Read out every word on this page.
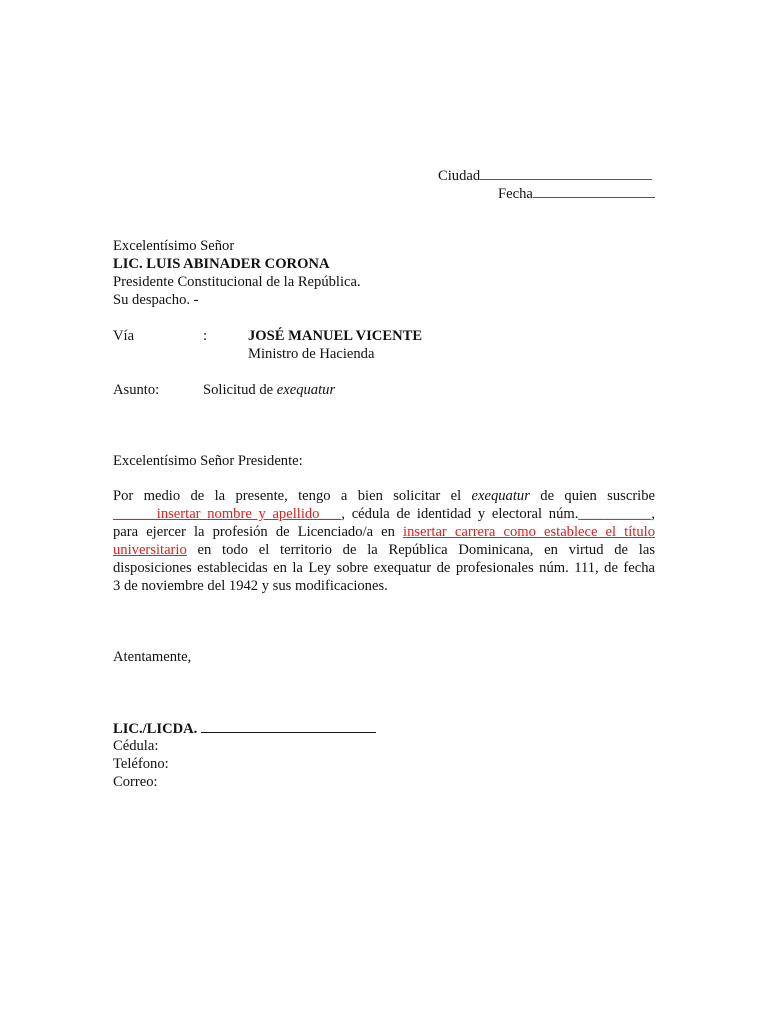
Ciudad
Fecha
Excelentísimo Señor
LIC. LUIS ABINADER CORONA
Presidente Constitucional de la República.
Su despacho. -
Vía	:	JOSÉ MANUEL VICENTE
Ministro de Hacienda
Asunto:	Solicitud de exequatur
Excelentísimo Señor Presidente:
Por medio de la presente, tengo a bien solicitar el exequatur de quien suscribe
______insertar nombre y apellido___, cédula de identidad y electoral núm.__________,
para ejercer la profesión de Licenciado/a en insertar carrera como establece el título
universitario en todo el territorio de la República Dominicana, en virtud de las
disposiciones establecidas en la Ley sobre exequatur de profesionales núm. 111, de fecha
3 de noviembre del 1942 y sus modificaciones.
Atentamente,
LIC./LICDA.
Cédula:
Teléfono:
Correo:
